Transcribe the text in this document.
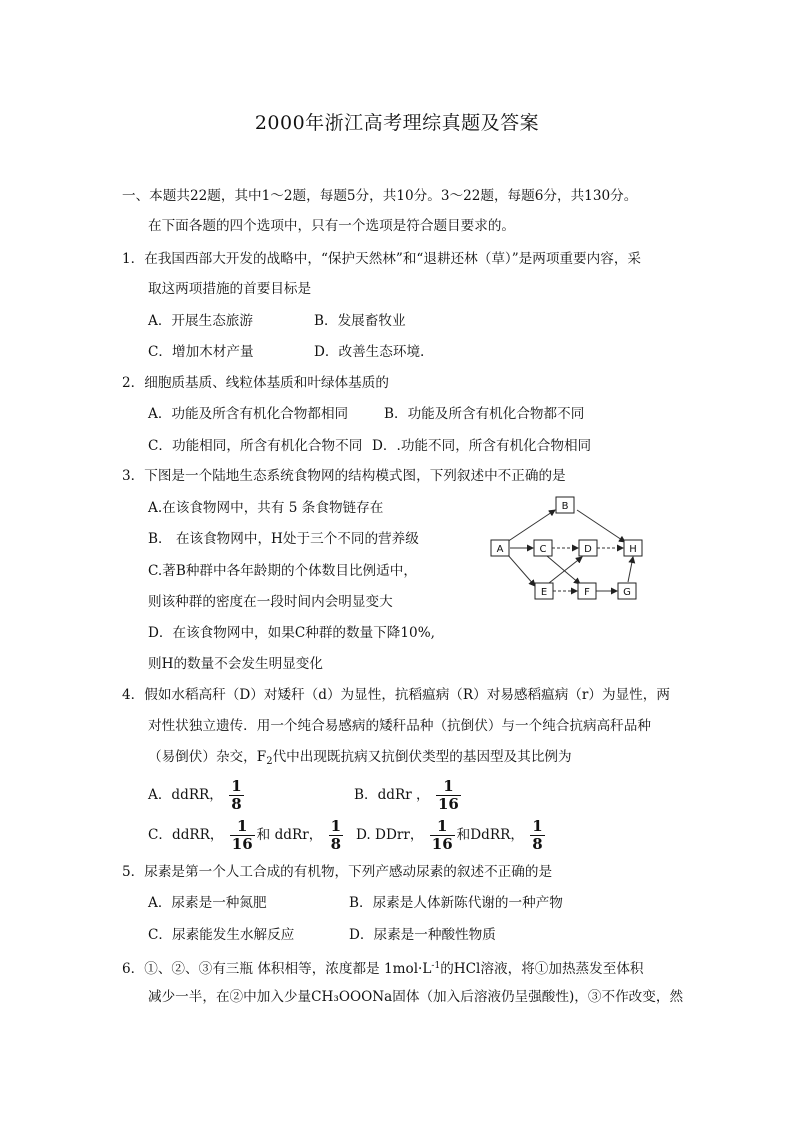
2000年浙江高考理综真题及答案
一、本题共22题，其中1～2题，每题5分，共10分。3～22题，每题6分，共130分。
在下面各题的四个选项中，只有一个选项是符合题目要求的。
1．在我国西部大开发的战略中，“保护天然林”和“退耕还林（草）”是两项重要内容，采
取这两项措施的首要目标是
A．开展生态旅游	B．发展畜牧业
C．增加木材产量	D．改善生态环境.
2．细胞质基质、线粒体基质和叶绿体基质的
A．功能及所含有机化合物都相同	B．功能及所含有机化合物都不同
C．功能相同，所含有机化合物不同 D．.功能不同，所含有机化合物相同
3．下图是一个陆地生态系统食物网的结构模式图，下列叙述中不正确的是
A.在该食物网中，共有 5 条食物链存在
B． 在该食物网中，H处于三个不同的营养级
C.著B种群中各年龄期的个体数目比例适中，
则该种群的密度在一段时间内会明显变大
D．在该食物网中，如果C种群的数量下降10%,
则H的数量不会发生明显变化
A
B
C	D	H
E	F	G
4．假如水稻高秆（D）对矮秆（d）为显性，抗稻瘟病（R）对易感稻瘟病（r）为显性，两
对性状独立遗传．用一个纯合易感病的矮秆品种（抗倒伏）与一个纯合抗病高秆品种
（易倒伏）杂交，$F_2$代中出现既抗病又抗倒伏类型的基因型及其比例为
A．ddRR， $\frac{1}{8}$	B．ddRr ， $\frac{1}{16}$
C．ddRR， $\frac{1}{16}$ 和 ddRr， $\frac{1}{8} D$. DDrr， $\frac{1}{16}$ 和DdRR， $\frac{1}{8}$
5．尿素是第一个人工合成的有机物，下列产感动尿素的叙述不正确的是
A．尿素是一种氮肥	B．尿素是人体新陈代谢的一种产物
C．尿素能发生水解反应	D．尿素是一种酸性物质
6．①、②、③有三瓶 体积相等，浓度都是 $1mol\cdot L^{-1}$的HCl溶液，将①加热蒸发至体积
减少一半，在②中加入少量CH₃OOONa固体（加入后溶液仍呈强酸性)，③不作改变，然
